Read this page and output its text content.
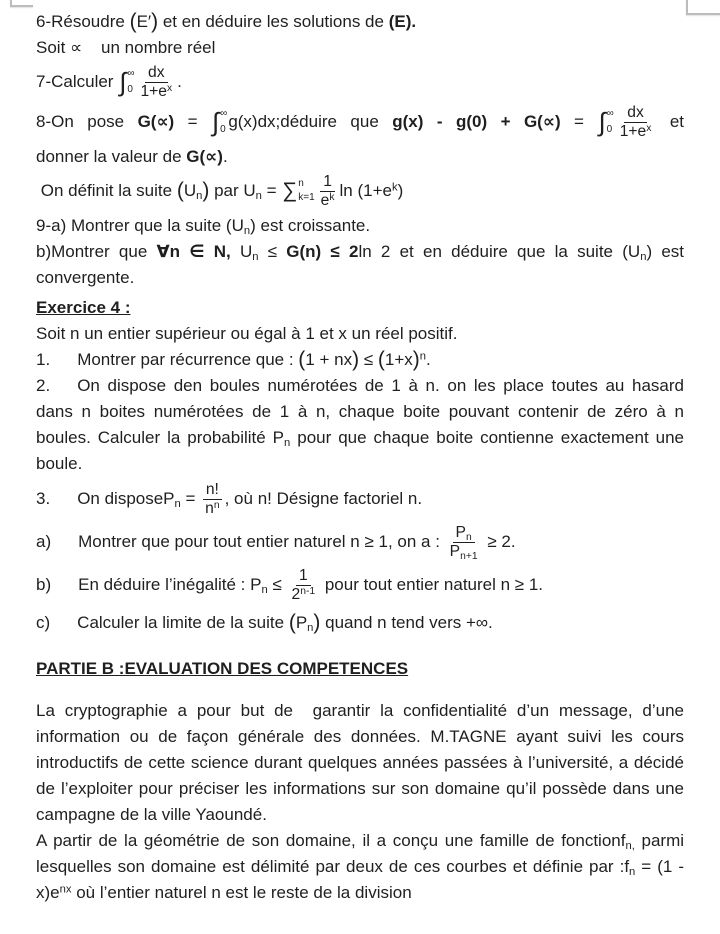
6-Résoudre (E′) et en déduire les solutions de (E).

Soit ∝    un nombre réel

7-Calculer ∫ ∞
$0 \frac{dx}{1+e^x}$ .

8-On pose G(∝) = ∫ ∞
0 g(x)dx;déduire que g(x) - g(0) + G(∝) = ∫ ∞
$0 \frac{dx}{1+e^x}$ et

donner la valeur de G(∝).

On définit la suite $(U_n)$ par $U_n$ = ∑ n
$k=1 \frac{1}{e^k}$ $\ln (1+e^k)$

9-a) Montrer que la suite $(U_n)$ est croissante.

b)Montrer que ∀n ∈ N, $U_n \le G(n) \le 2\ln$ 2 et en déduire que la suite $(U_n)$ est convergente.

Exercice 4 :

Soit n un entier supérieur ou égal à 1 et x un réel positif.

1. Montrer par récurrence que : $(1 + nx) \le (1+x)^n$.

2. On dispose den boules numérotées de 1 à n. on les place toutes au hasard dans n boites numérotées de 1 à n, chaque boite pouvant contenir de zéro à n boules. Calculer la probabilité $P_n$ pour que chaque boite contienne exactement une boule.

3. On disposeP$_n$ = $\frac{n!}{n^n}$ , où n! Désigne factoriel n.

a) Montrer que pour tout entier naturel n ≥ 1, on a : $\frac{P_n}{P_{n+1}} \ge 2$.

b) En déduire l’inégalité : $P_n \le \frac{1}{2^{n-1}}$ pour tout entier naturel n ≥ 1.

c) Calculer la limite de la suite $(P_n)$ quand n tend vers +∞.

PARTIE B :EVALUATION DES COMPETENCES

La cryptographie a pour but de  garantir la confidentialité d’un message, d’une information ou de façon générale des données. M.TAGNE ayant suivi les cours introductifs de cette science durant quelques années passées à l’université, a décidé de l’exploiter pour préciser les informations sur son domaine qu’il possède dans une campagne de la ville Yaoundé.

A partir de la géométrie de son domaine, il a conçu une famille de fonctionf$_{n,}$ parmi lesquelles son domaine est délimité par deux de ces courbes et définie par $:f_n = (1 - x)e^{nx}$ où l’entier naturel n est le reste de la division
